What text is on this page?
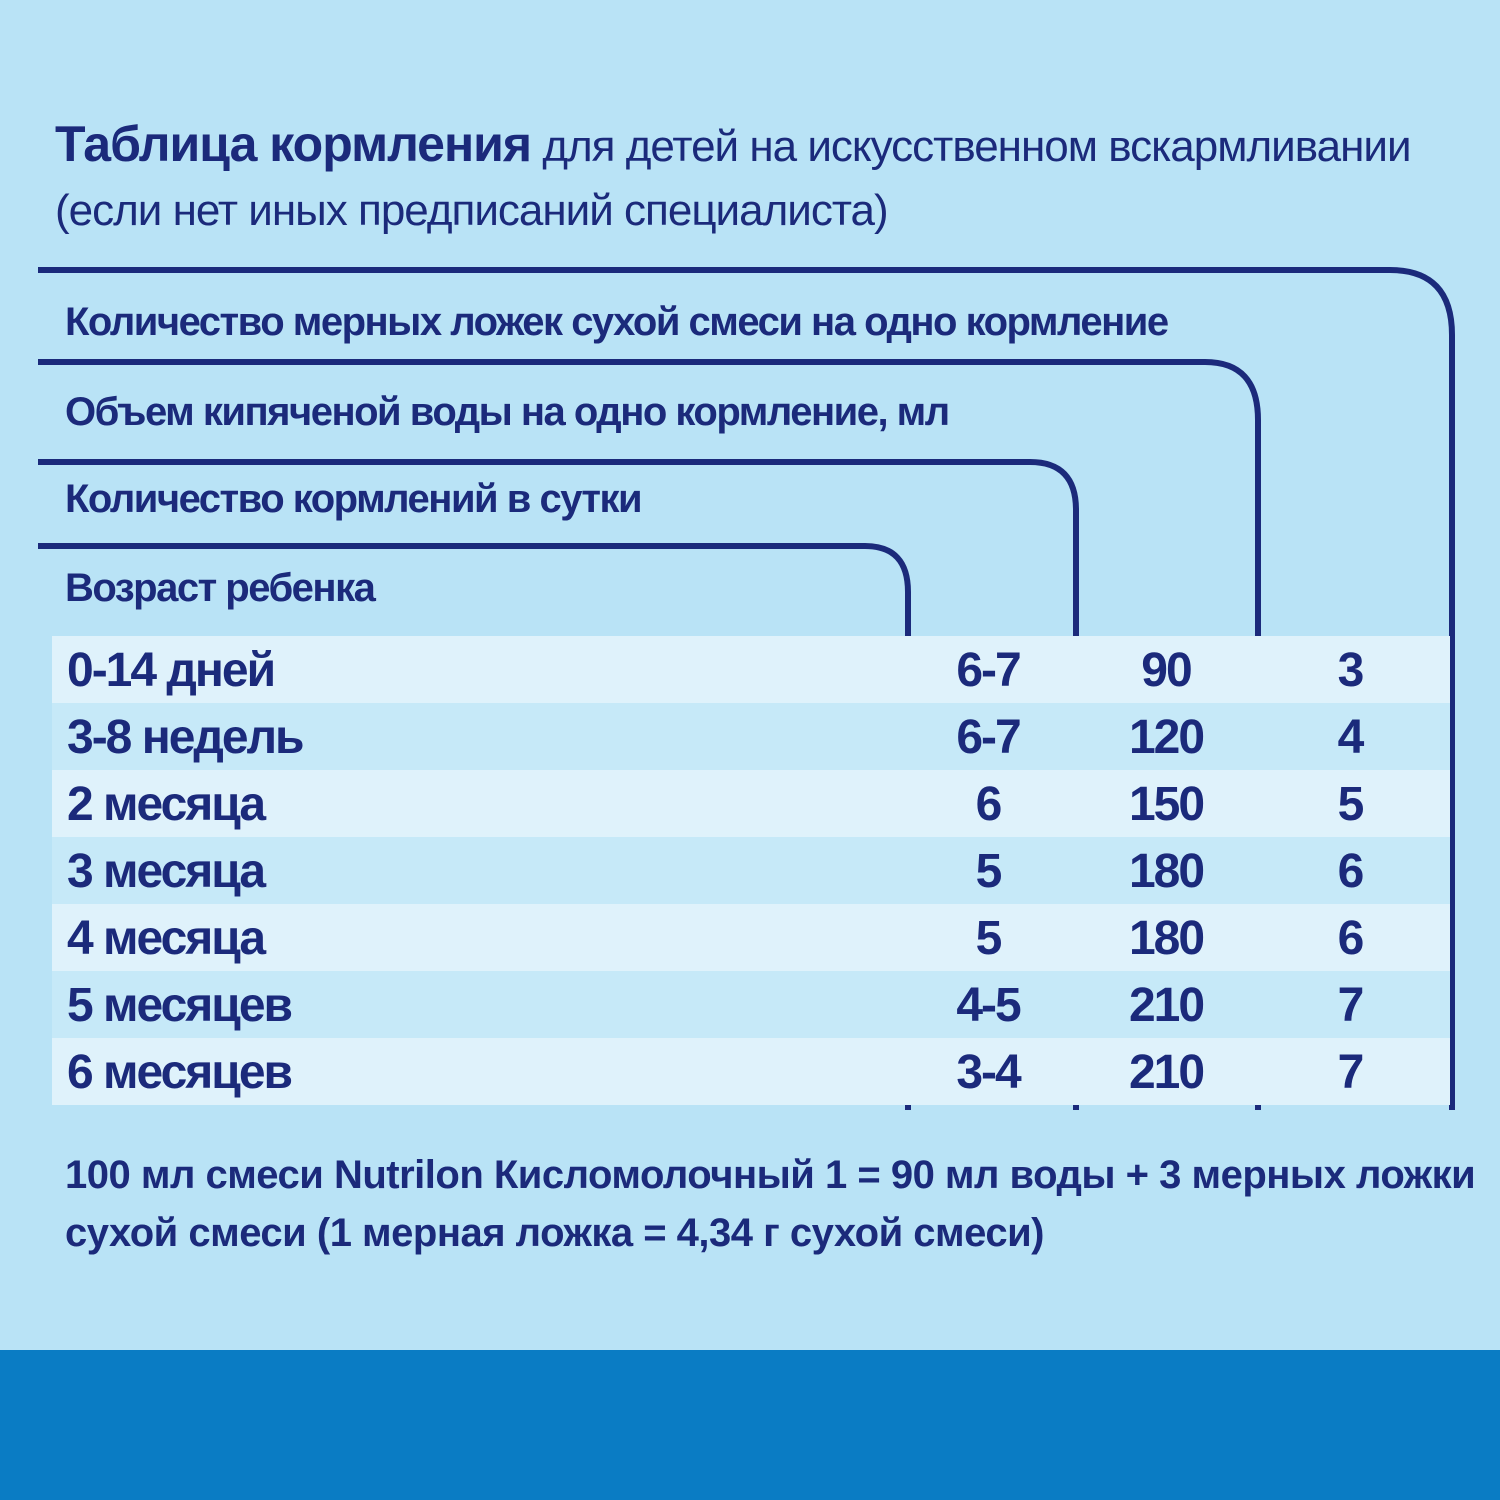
Таблица кормления для детей на искусственном вскармливании (если нет иных предписаний специалиста)
Количество мерных ложек сухой смеси на одно кормление
Объем кипяченой воды на одно кормление, мл
Количество кормлений в сутки
Возраст ребенка
0-14 дней	6-7	90	3
3-8 недель	6-7	120	4
2 месяца	6	150	5
3 месяца	5	180	6
4 месяца	5	180	6
5 месяцев	4-5	210	7
6 месяцев	3-4	210	7
100 мл смеси Nutrilon Кисломолочный 1 = 90 мл воды + 3 мерных ложки сухой смеси (1 мерная ложка = 4,34 г сухой смеси)
